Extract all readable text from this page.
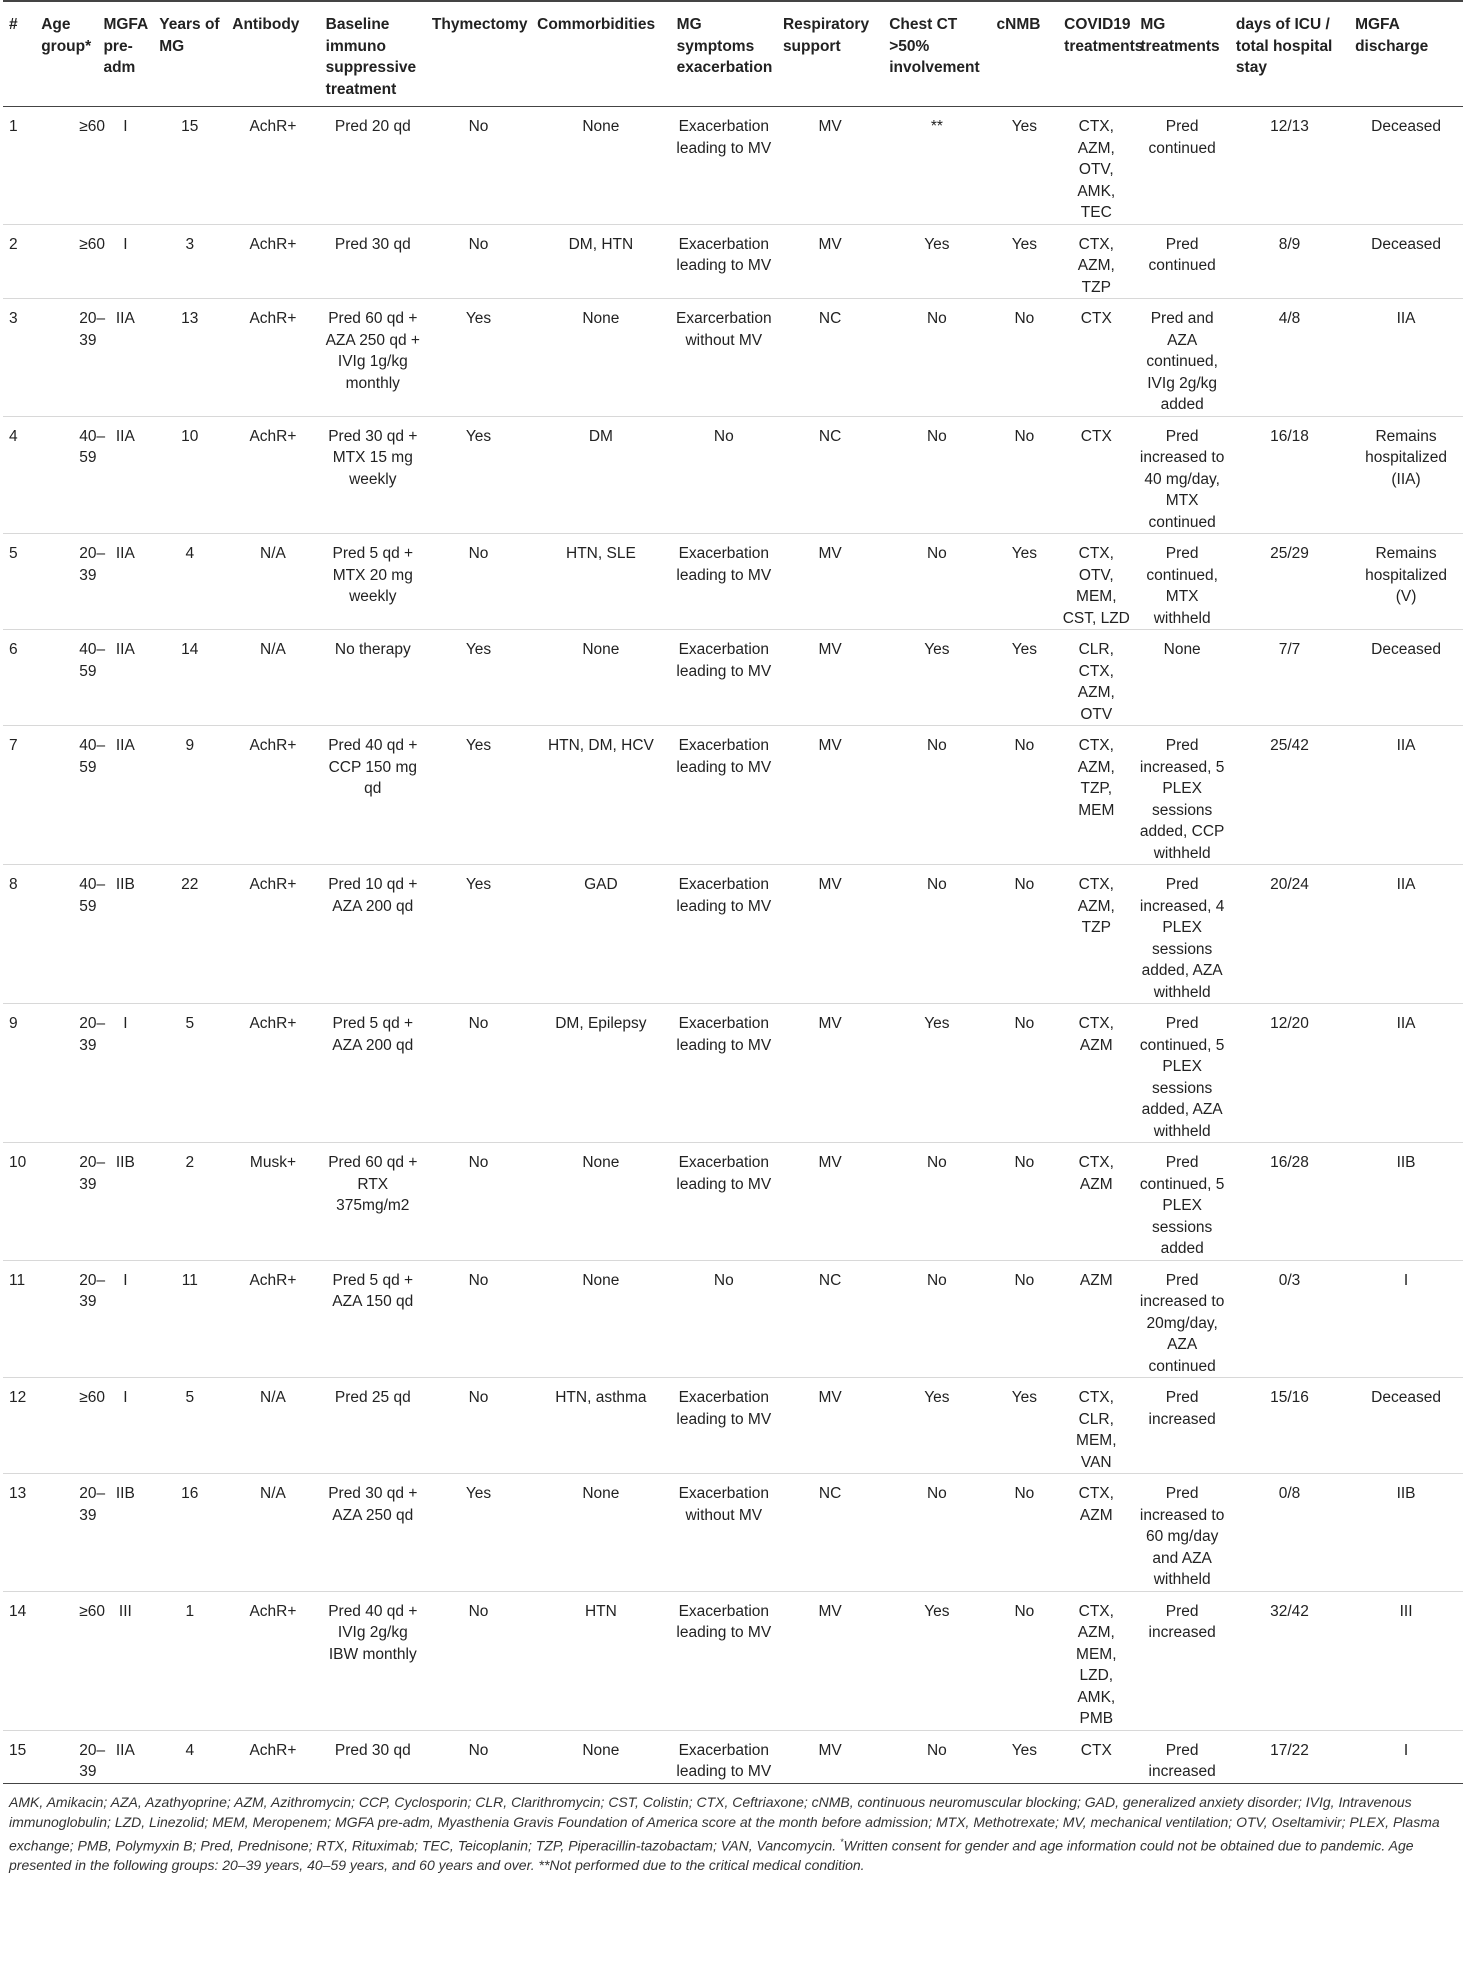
#	Age group*	MGFA pre-adm	Years of MG	Antibody	Baseline immuno suppressive treatment	Thymectomy	Commorbidities	MG symptoms exacerbation	Respiratory support	Chest CT >50% involvement	cNMB	COVID19 treatments	MG treatments	days of ICU / total hospital stay	MGFA discharge
1	≥60	I	15	AchR+	Pred 20 qd	No	None	Exacerbation leading to MV	MV	**	Yes	CTX, AZM, OTV, AMK, TEC	Pred continued	12/13	Deceased
2	≥60	I	3	AchR+	Pred 30 qd	No	DM, HTN	Exacerbation leading to MV	MV	Yes	Yes	CTX, AZM, TZP	Pred continued	8/9	Deceased
3	20–39	IIA	13	AchR+	Pred 60 qd + AZA 250 qd + IVIg 1g/kg monthly	Yes	None	Exarcerbation without MV	NC	No	No	CTX	Pred and AZA continued, IVIg 2g/kg added	4/8	IIA
4	40–59	IIA	10	AchR+	Pred 30 qd + MTX 15 mg weekly	Yes	DM	No	NC	No	No	CTX	Pred increased to 40 mg/day, MTX continued	16/18	Remains hospitalized (IIA)
5	20–39	IIA	4	N/A	Pred 5 qd + MTX 20 mg weekly	No	HTN, SLE	Exacerbation leading to MV	MV	No	Yes	CTX, OTV, MEM, CST, LZD	Pred continued, MTX withheld	25/29	Remains hospitalized (V)
6	40–59	IIA	14	N/A	No therapy	Yes	None	Exacerbation leading to MV	MV	Yes	Yes	CLR, CTX, AZM, OTV	None	7/7	Deceased
7	40–59	IIA	9	AchR+	Pred 40 qd + CCP 150 mg qd	Yes	HTN, DM, HCV	Exacerbation leading to MV	MV	No	No	CTX, AZM, TZP, MEM	Pred increased, 5 PLEX sessions added, CCP withheld	25/42	IIA
8	40–59	IIB	22	AchR+	Pred 10 qd + AZA 200 qd	Yes	GAD	Exacerbation leading to MV	MV	No	No	CTX, AZM, TZP	Pred increased, 4 PLEX sessions added, AZA withheld	20/24	IIA
9	20–39	I	5	AchR+	Pred 5 qd + AZA 200 qd	No	DM, Epilepsy	Exacerbation leading to MV	MV	Yes	No	CTX, AZM	Pred continued, 5 PLEX sessions added, AZA withheld	12/20	IIA
10	20–39	IIB	2	Musk+	Pred 60 qd + RTX 375mg/m2	No	None	Exacerbation leading to MV	MV	No	No	CTX, AZM	Pred continued, 5 PLEX sessions added	16/28	IIB
11	20–39	I	11	AchR+	Pred 5 qd + AZA 150 qd	No	None	No	NC	No	No	AZM	Pred increased to 20mg/day, AZA continued	0/3	I
12	≥60	I	5	N/A	Pred 25 qd	No	HTN, asthma	Exacerbation leading to MV	MV	Yes	Yes	CTX, CLR, MEM, VAN	Pred increased	15/16	Deceased
13	20–39	IIB	16	N/A	Pred 30 qd + AZA 250 qd	Yes	None	Exacerbation without MV	NC	No	No	CTX, AZM	Pred increased to 60 mg/day and AZA withheld	0/8	IIB
14	≥60	III	1	AchR+	Pred 40 qd + IVIg 2g/kg IBW monthly	No	HTN	Exacerbation leading to MV	MV	Yes	No	CTX, AZM, MEM, LZD, AMK, PMB	Pred increased	32/42	III
15	20–39	IIA	4	AchR+	Pred 30 qd	No	None	Exacerbation leading to MV	MV	No	Yes	CTX	Pred increased	17/22	I

AMK, Amikacin; AZA, Azathyoprine; AZM, Azithromycin; CCP, Cyclosporin; CLR, Clarithromycin; CST, Colistin; CTX, Ceftriaxone; cNMB, continuous neuromuscular blocking; GAD, generalized anxiety disorder; IVIg, Intravenous immunoglobulin; LZD, Linezolid; MEM, Meropenem; MGFA pre-adm, Myasthenia Gravis Foundation of America score at the month before admission; MTX, Methotrexate; MV, mechanical ventilation; OTV, Oseltamivir; PLEX, Plasma exchange; PMB, Polymyxin B; Pred, Prednisone; RTX, Rituximab; TEC, Teicoplanin; TZP, Piperacillin-tazobactam; VAN, Vancomycin. *Written consent for gender and age information could not be obtained due to pandemic. Age presented in the following groups: 20–39 years, 40–59 years, and 60 years and over. **Not performed due to the critical medical condition.
